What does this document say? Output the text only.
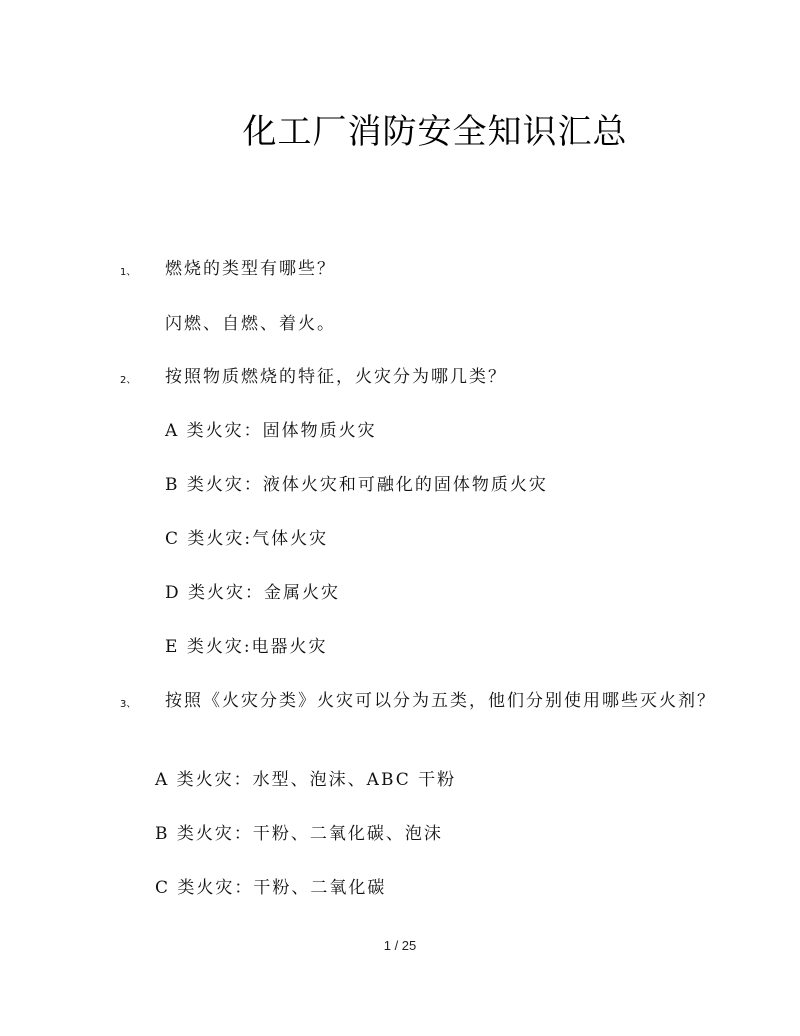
化工厂消防安全知识汇总
1、 燃烧的类型有哪些？
闪燃、自燃、着火。
2、 按照物质燃烧的特征，火灾分为哪几类？
A 类火灾：固体物质火灾
B 类火灾：液体火灾和可融化的固体物质火灾
C 类火灾:气体火灾
D 类火灾：金属火灾
E 类火灾:电器火灾
3、 按照《火灾分类》火灾可以分为五类，他们分别使用哪些灭火剂？
A 类火灾：水型、泡沫、ABC 干粉
B 类火灾：干粉、二氧化碳、泡沫
C 类火灾：干粉、二氧化碳
1 / 25
